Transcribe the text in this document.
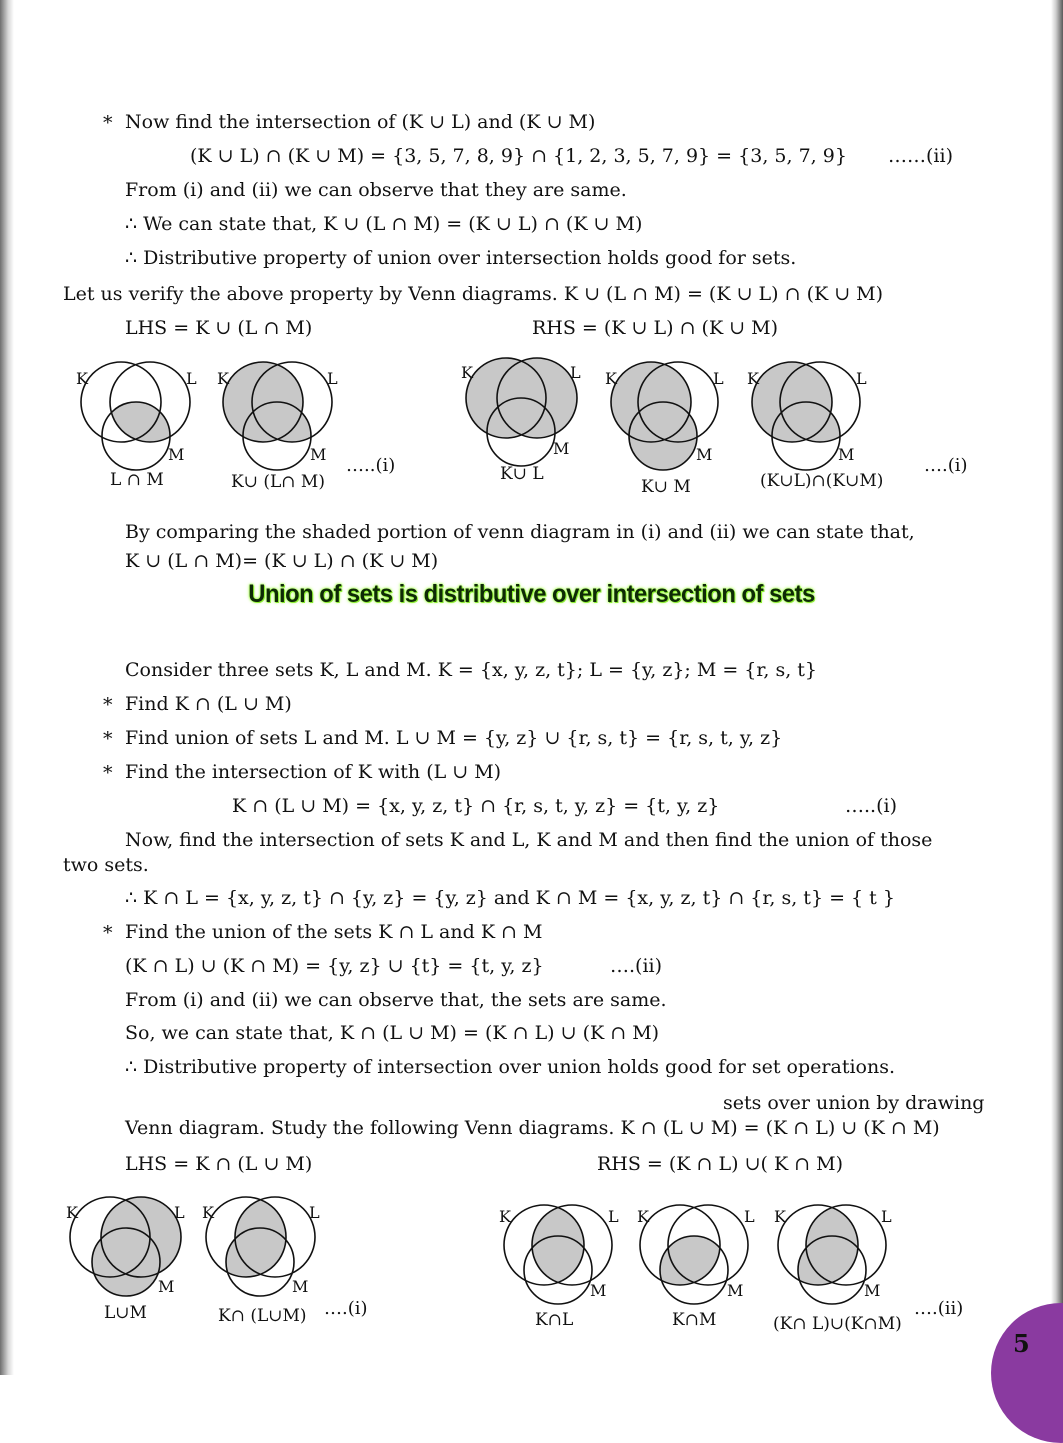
* Now find the intersection of (K ∪ L) and (K ∪ M)
(K ∪ L) ∩ (K ∪ M) = {3, 5, 7, 8, 9} ∩ {1, 2, 3, 5, 7, 9} = {3, 5, 7, 9} ……(ii)
From (i) and (ii) we can observe that they are same.
∴ We can state that, K ∪ (L ∩ M) = (K ∪ L) ∩ (K ∪ M)
∴ Distributive property of union over intersection holds good for sets.
Let us verify the above property by Venn diagrams. K ∪ (L ∩ M) = (K ∪ L) ∩ (K ∪ M)
LHS = K ∪ (L ∩ M)	RHS = (K ∪ L) ∩ (K ∪ M)
K	L
M
K	L
M
K	L
M
K	L
M
K	L
M
L ∩ M	K∪ (L∩ M)	K∪ L
K∪ M	(K∪L)∩(K∪M)
K	L
M
K	L
M
K	L
M
K	L
M
K	L
M
L∪M	K∩ (L∪M)	K∩L	K∩M	(K∩ L)∪(K∩M)
…..(i)	….(i)
By comparing the shaded portion of venn diagram in (i) and (ii) we can state that,
K ∪ (L ∩ M)= (K ∪ L) ∩ (K ∪ M)
Union of sets is distributive over intersection of sets
Consider three sets K, L and M. K = {x, y, z, t}; L = {y, z}; M = {r, s, t}
* Find K ∩ (L ∪ M)
* Find union of sets L and M. L ∪ M = {y, z} ∪ {r, s, t} = {r, s, t, y, z}
* Find the intersection of K with (L ∪ M)
K ∩ (L ∪ M) = {x, y, z, t} ∩ {r, s, t, y, z} = {t, y, z}	…..(i)
Now, find the intersection of sets K and L, K and M and then find the union of those
two sets.
∴ K ∩ L = {x, y, z, t} ∩ {y, z} = {y, z} and K ∩ M = {x, y, z, t} ∩ {r, s, t} = { t }
* Find the union of the sets K ∩ L and K ∩ M
(K ∩ L) ∪ (K ∩ M) = {y, z} ∪ {t} = {t, y, z}	….(ii)
From (i) and (ii) we can observe that, the sets are same.
So, we can state that, K ∩ (L ∪ M) = (K ∩ L) ∪ (K ∩ M)
∴ Distributive property of intersection over union holds good for set operations.
sets over union by drawing
Venn diagram. Study the following Venn diagrams. K ∩ (L ∪ M) = (K ∩ L) ∪ (K ∩ M)
LHS = K ∩ (L ∪ M)	RHS = (K ∩ L) ∪( K ∩ M)
….(i)	….(ii)
5
